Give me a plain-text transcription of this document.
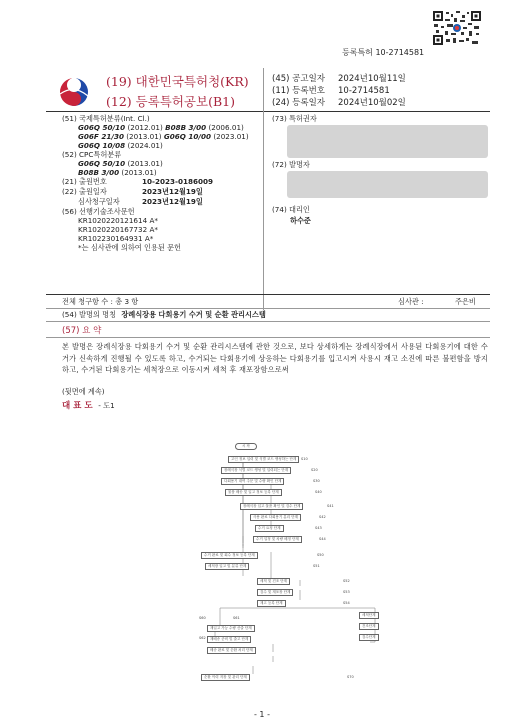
등록특허 10-2714581
(19) 대한민국특허청(KR)
(12) 등록특허공보(B1)
(45) 공고일자 2024년10월11일
(11) 등록번호 10-2714581
(24) 등록일자 2024년10월02일
(51) 국제특허분류(Int. Cl.)
G06Q 50/10 (2012.01) B08B 3/00 (2006.01)
G06F 21/30 (2013.01) G06Q 10/00 (2023.01)
G06Q 10/08 (2024.01)
(52) CPC특허분류
G06Q 50/10 (2013.01)
B08B 3/00 (2013.01)
(21) 출원번호	10-2023-0186009
(22) 출원일자	2023년12월19일
심사청구일자	2023년12월19일
(56) 선행기술조사문헌
KR1020220121614 A*
KR1020220167732 A*
KR102230164931 A*
*는 심사관에 의하여 인용된 문헌
(73) 특허권자
(72) 발명자
(74) 대리인
하수준
전체 청구항 수 : 총 3 항	심사관 :	주은비
(54) 발명의 명칭 장례식장용 다회용기 수거 및 순환 관리시스템
(57) 요 약
본 발명은 장례식장용 다회용기 수거 및 순환 관리시스템에 관한 것으로, 보다 상세하게는 장례식장에서 사용된 다회용기에 대한 수거가 신속하게 진행될 수 있도록 하고, 수거되는 다회용기에 상응하는 다회용기를 입고시켜 사용시 재고 소진에 따른 불편함을 방지하고, 수거된 다회용기는 세척장으로 이동시켜 세척 후 재포장함으로써
(뒷면에 계속)
대 표 도 - 도1
시 작
고인 정보 입력 및 식별 코드 생성하는 단계	S10
장례식장 식별 코드 생성 및 입력되는 단계	S20
다회용기 대여 주문 및 수량 확인 단계	S30
물품 배송 및 입고 정보 등록 단계	S40
장례식장 입고 물품 확인 및 검수 단계	S41
사용 완료 다회용기 분리 단계	S42
수거 요청 단계	S43
수거 일정 및 차량 배정 단계	S44
수거 완료 및 회수 정보 등록 단계	S50
세척장 입고 및 분류 단계	S51
세척 및 건조 단계	S52
검수 및 재포장 단계	S53
재고 등록 단계	S54
세척단계
건조단계
검수단계
재입고 가능 수량 산출 단계
S60
재배송 준비 및 출고 단계
S61
배송 완료 및 순환 처리 단계
S62
순환 이력 저장 및 관리 단계	S70
- 1 -
